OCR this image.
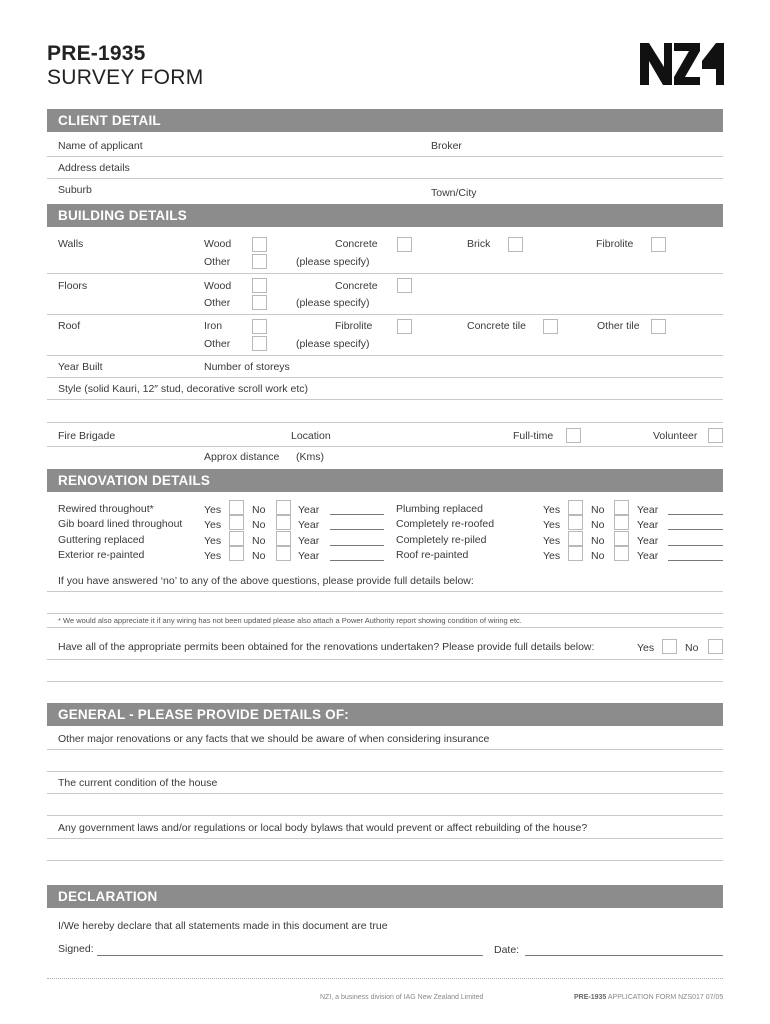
PRE-1935
SURVEY FORM
CLIENT DETAIL
Name of applicant	Broker
Address details
Suburb	Town/City
BUILDING DETAILS
Walls	Wood	Concrete	Brick	Fibrolite
Other	(please specify)
Floors	Wood	Concrete
Other	(please specify)
Roof	Iron	Fibrolite	Concrete tile	Other tile
Other	(please specify)
Year Built	Number of storeys
Style (solid Kauri, 12″ stud, decorative scroll work etc)
Fire Brigade	Location	Full-time	Volunteer
Approx distance (Kms)
RENOVATION DETAILS
Rewired throughout*	Yes	No	Year
Gib board lined throughout Yes	No	Year
Guttering replaced	Yes	No	Year
Exterior re-painted	Yes	No	Year
Plumbing replaced	Yes	No	Year
Completely re-roofed	Yes	No	Year
Completely re-piled	Yes	No	Year
Roof re-painted	Yes	No	Year
If you have answered ‘no’ to any of the above questions, please provide full details below:
* We would also appreciate it if any wiring has not been updated please also attach a Power Authority report showing condition of wiring etc.
Have all of the appropriate permits been obtained for the renovations undertaken? Please provide full details below:	Yes	No
GENERAL - PLEASE PROVIDE DETAILS OF:
Other major renovations or any facts that we should be aware of when considering insurance
The current condition of the house
Any government laws and/or regulations or local body bylaws that would prevent or affect rebuilding of the house?
DECLARATION
I/We hereby declare that all statements made in this document are true
Signed:	Date:
NZI, a business division of IAG New Zealand Limited	PRE-1935 APPLICATION FORM NZS017 07/05
